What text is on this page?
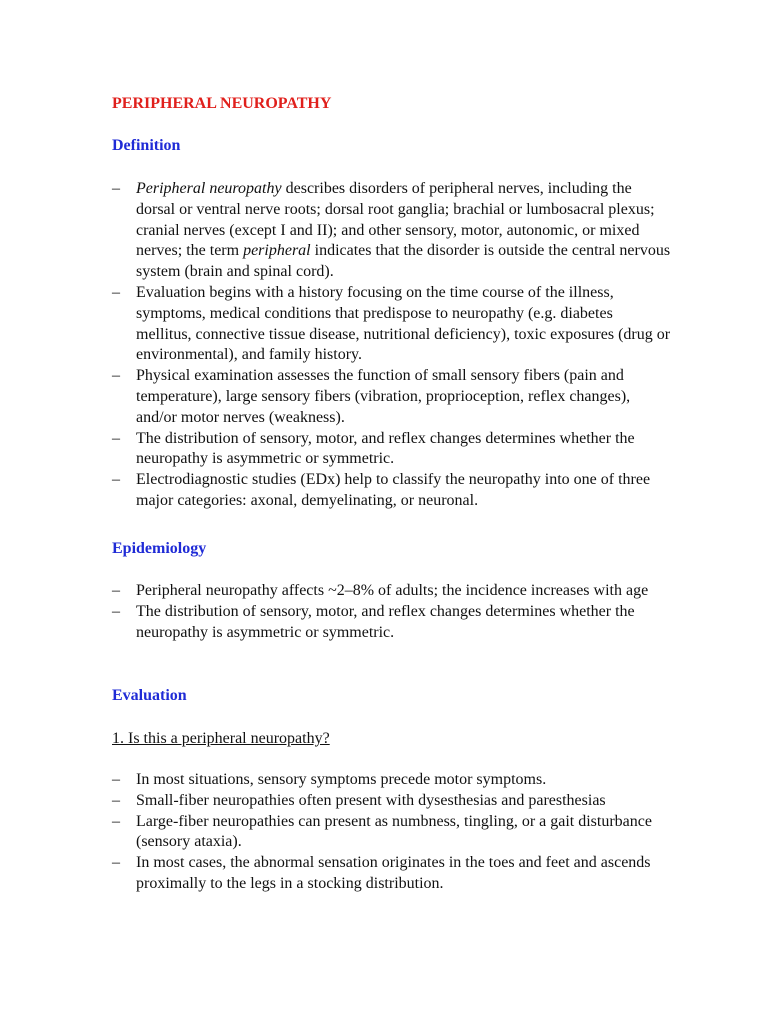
PERIPHERAL NEUROPATHY
Definition
– Peripheral neuropathy describes disorders of peripheral nerves, including the dorsal or ventral nerve roots; dorsal root ganglia; brachial or lumbosacral plexus; cranial nerves (except I and II); and other sensory, motor, autonomic, or mixed nerves; the term peripheral indicates that the disorder is outside the central nervous system (brain and spinal cord).
– Evaluation begins with a history focusing on the time course of the illness, symptoms, medical conditions that predispose to neuropathy (e.g. diabetes mellitus, connective tissue disease, nutritional deficiency), toxic exposures (drug or environmental), and family history.
– Physical examination assesses the function of small sensory fibers (pain and temperature), large sensory fibers (vibration, proprioception, reflex changes), and/or motor nerves (weakness).
– The distribution of sensory, motor, and reflex changes determines whether the neuropathy is asymmetric or symmetric.
– Electrodiagnostic studies (EDx) help to classify the neuropathy into one of three major categories: axonal, demyelinating, or neuronal.
Epidemiology
– Peripheral neuropathy affects ~2–8% of adults; the incidence increases with age
– The distribution of sensory, motor, and reflex changes determines whether the neuropathy is asymmetric or symmetric.
Evaluation
1. Is this a peripheral neuropathy?
– In most situations, sensory symptoms precede motor symptoms.
– Small-fiber neuropathies often present with dysesthesias and paresthesias
– Large-fiber neuropathies can present as numbness, tingling, or a gait disturbance (sensory ataxia).
– In most cases, the abnormal sensation originates in the toes and feet and ascends proximally to the legs in a stocking distribution.
